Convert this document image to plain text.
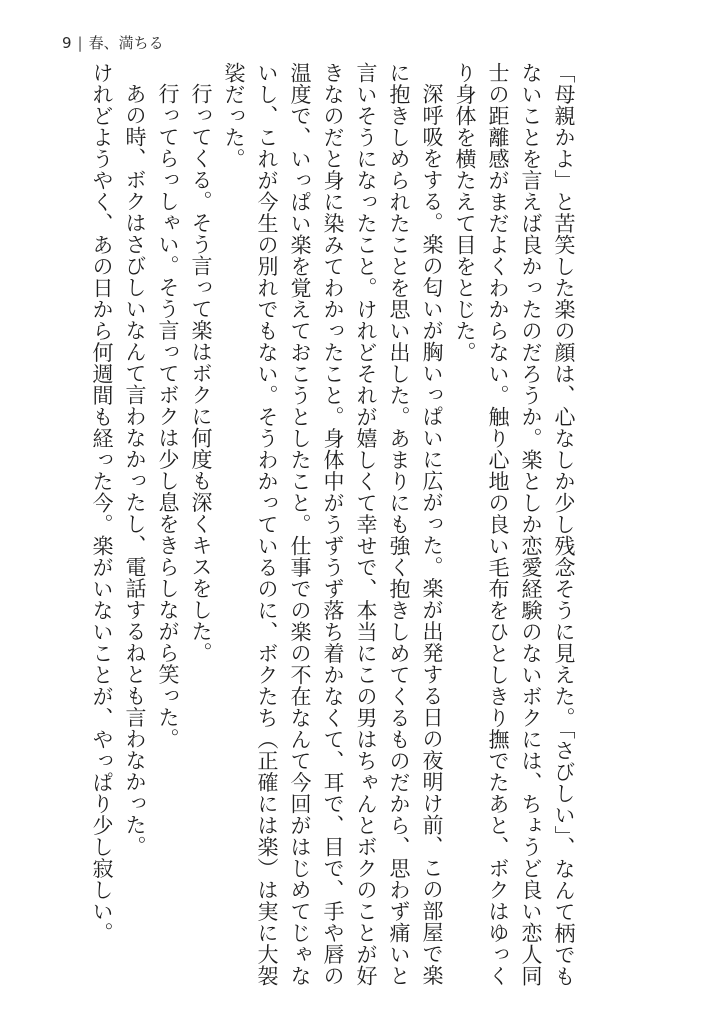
9 | 春、満ちる

「母親かよ」と苦笑した楽の顔は、心なしか少し残念そうに見えた。「さびしい」、なんて柄でもないことを言えば良かったのだろうか。楽としか恋愛経験のないボクには、ちょうど良い恋人同士の距離感がまだよくわからない。触り心地の良い毛布をひとしきり撫でたあと、ボクはゆっくり身体を横たえて目をとじた。

深呼吸をする。楽の匂いが胸いっぱいに広がった。楽が出発する日の夜明け前、この部屋で楽に抱きしめられたことを思い出した。あまりにも強く抱きしめてくるものだから、思わず痛いと言いそうになったこと。けれどそれが嬉しくて幸せで、本当にこの男はちゃんとボクのことが好きなのだと身に染みてわかったこと。身体中がうずうず落ち着かなくて、耳で、目で、手や唇の温度で、いっぱい楽を覚えておこうとしたこと。仕事での楽の不在なんて今回がはじめてじゃないし、これが今生の別れでもない。そうわかっているのに、ボクたち（正確には楽）は実に大袈裟だった。

行ってくる。そう言って楽はボクに何度も深くキスをした。

行ってらっしゃい。そう言ってボクは少し息をきらしながら笑った。

あの時、ボクはさびしいなんて言わなかったし、電話するねとも言わなかった。

けれどようやく、あの日から何週間も経った今。楽がいないことが、やっぱり少し寂しい。
